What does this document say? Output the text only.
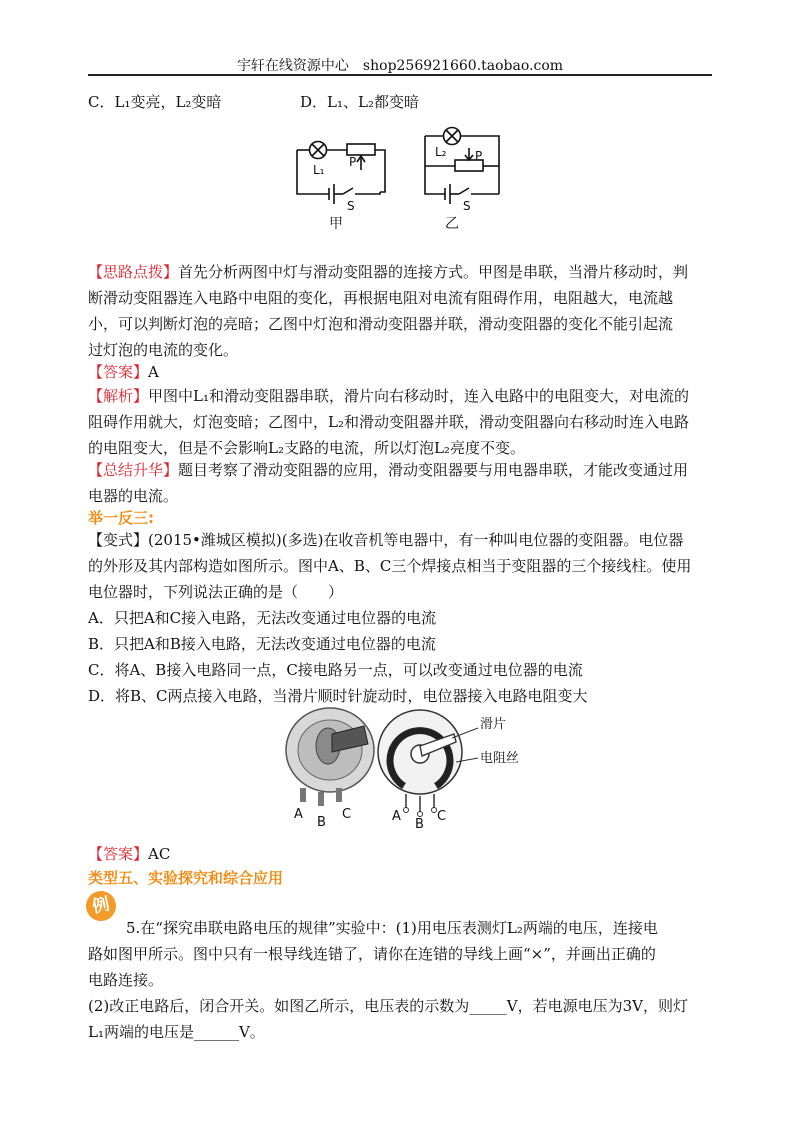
宇轩在线资源中心　shop256921660.taobao.com
C．L₁变亮，L₂变暗	D．L₁、L₂都变暗
L₁
P
S
L₂ P
S
甲	乙
【思路点拨】首先分析两图中灯与滑动变阻器的连接方式。甲图是串联，当滑片移动时，判
断滑动变阻器连入电路中电阻的变化，再根据电阻对电流有阻碍作用，电阻越大，电流越
小，可以判断灯泡的亮暗；乙图中灯泡和滑动变阻器并联，滑动变阻器的变化不能引起流
过灯泡的电流的变化。
【答案】A
【解析】甲图中L₁和滑动变阻器串联，滑片向右移动时，连入电路中的电阻变大，对电流的
阻碍作用就大，灯泡变暗；乙图中，L₂和滑动变阻器并联，滑动变阻器向右移动时连入电路
的电阻变大，但是不会影响L₂支路的电流，所以灯泡L₂亮度不变。
【总结升华】题目考察了滑动变阻器的应用，滑动变阻器要与用电器串联，才能改变通过用
电器的电流。
举一反三:
【变式】(2015•潍城区模拟)(多选)在收音机等电器中，有一种叫电位器的变阻器。电位器
的外形及其内部构造如图所示。图中A、B、C三个焊接点相当于变阻器的三个接线柱。使用
电位器时，下列说法正确的是（　　）
A．只把A和C接入电路，无法改变通过电位器的电流
B．只把A和B接入电路，无法改变通过电位器的电流
C．将A、B接入电路同一点，C接电路另一点，可以改变通过电位器的电流
D．将B、C两点接入电路，当滑片顺时针旋动时，电位器接入电路电阻变大
滑片
电阻丝
A
B
C	A
B
C
【答案】AC
类型五、实验探究和综合应用
例
5.在“探究串联电路电压的规律”实验中：(1)用电压表测灯L₂两端的电压，连接电
路如图甲所示。图中只有一根导线连错了，请你在连错的导线上画“×”，并画出正确的
电路连接。
(2)改正电路后，闭合开关。如图乙所示，电压表的示数为_____V，若电源电压为3V，则灯
L₁两端的电压是______V。
